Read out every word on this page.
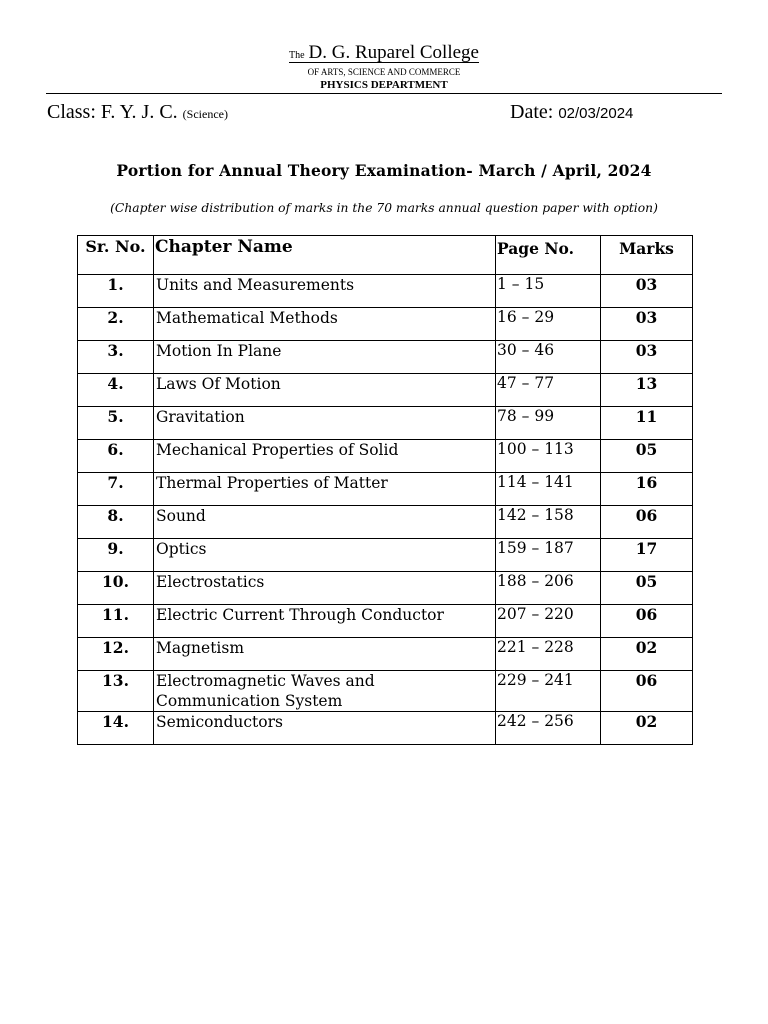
The D. G. Ruparel College
OF ARTS, SCIENCE AND COMMERCE
PHYSICS DEPARTMENT
Class: F. Y. J. C. (Science)	Date: 02/03/2024
Portion for Annual Theory Examination- March / April, 2024
(Chapter wise distribution of marks in the 70 marks annual question paper with option)
Sr. No.	Chapter Name	Page No.	Marks
1.	Units and Measurements	1 – 15	03
2.	Mathematical Methods	16 – 29	03
3.	Motion In Plane	30 – 46	03
4.	Laws Of Motion	47 – 77	13
5.	Gravitation	78 – 99	11
6.	Mechanical Properties of Solid	100 – 113	05
7.	Thermal Properties of Matter	114 – 141	16
8.	Sound	142 – 158	06
9.	Optics	159 – 187	17
10.	Electrostatics	188 – 206	05
11.	Electric Current Through Conductor	207 – 220	06
12.	Magnetism	221 – 228	02
13.	Electromagnetic Waves and Communication System	229 – 241	06
14.	Semiconductors	242 – 256	02
